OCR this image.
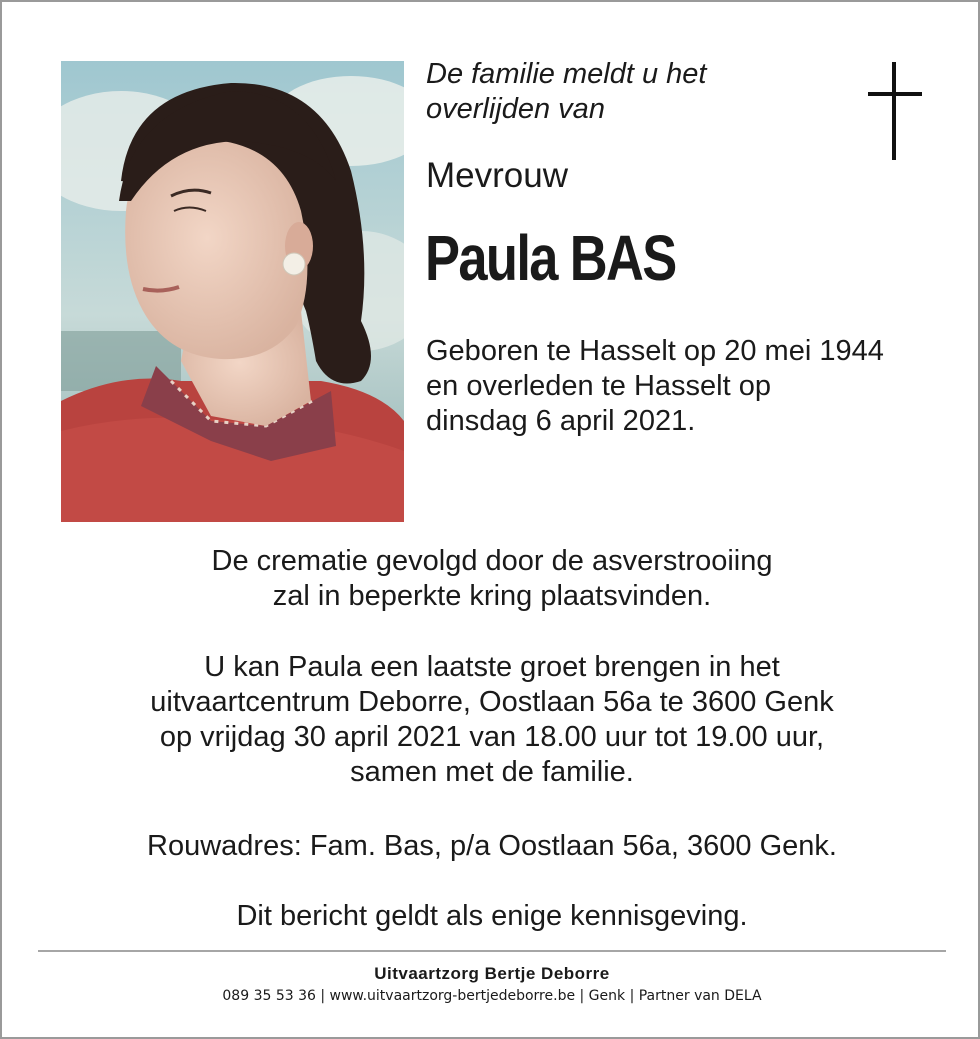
De familie meldt u het
overlijden van
Mevrouw
Paula BAS
Geboren te Hasselt op 20 mei 1944
en overleden te Hasselt op
dinsdag 6 april 2021.
De crematie gevolgd door de asverstrooiing
zal in beperkte kring plaatsvinden.
U kan Paula een laatste groet brengen in het
uitvaartcentrum Deborre, Oostlaan 56a te 3600 Genk
op vrijdag 30 april 2021 van 18.00 uur tot 19.00 uur,
samen met de familie.
Rouwadres: Fam. Bas, p/a Oostlaan 56a, 3600 Genk.
Dit bericht geldt als enige kennisgeving.
Uitvaartzorg Bertje Deborre
089 35 53 36 | www.uitvaartzorg-bertjedeborre.be | Genk | Partner van DELA
